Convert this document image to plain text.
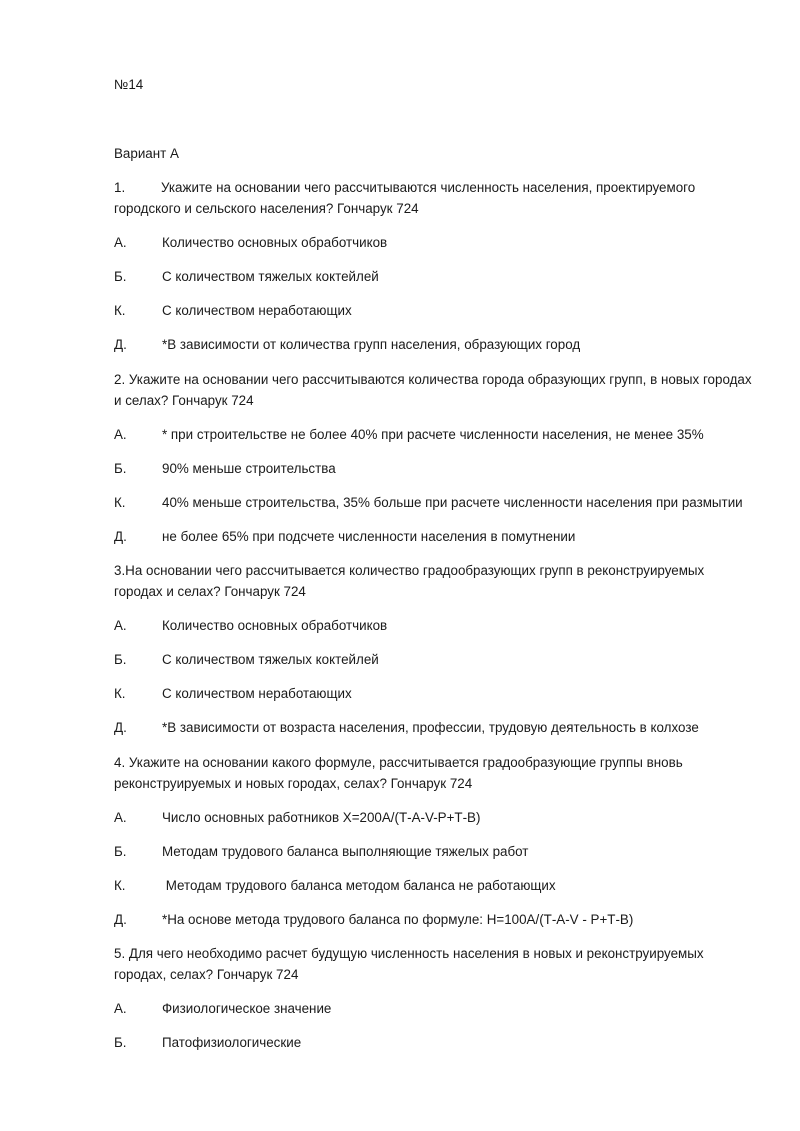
№14
Вариант А

1.	Укажите на основании чего рассчитываются численность населения, проектируемого городского и сельского населения? Гончарук 724

А.	Количество основных обработчиков

Б.	С количеством тяжелых коктейлей

К.	С количеством неработающих

Д.	*В зависимости от количества групп населения, образующих город

2. Укажите на основании чего рассчитываются количества города образующих групп, в новых городах и селах? Гончарук 724

А.	* при строительстве не более 40% при расчете численности населения, не менее 35%

Б.	90% меньше строительства

К.	40% меньше строительства, 35% больше при расчете численности населения при размытии

Д.	не более 65% при подсчете численности населения в помутнении

3.На основании чего рассчитывается количество градообразующих групп в реконструируемых городах и селах? Гончарук 724

А.	Количество основных обработчиков

Б.	С количеством тяжелых коктейлей

К.	С количеством неработающих

Д.	*В зависимости от возраста населения, профессии, трудовую деятельность в колхозе

4. Укажите на основании какого формуле, рассчитывается градообразующие группы вновь реконструируемых и новых городах, селах? Гончарук 724

А.	Число основных работников Х=200А/(Т-А-V-Р+Т-В)

Б.	Методам трудового баланса выполняющие тяжелых работ

К.	Методам трудового баланса методом баланса не работающих

Д.	*На основе метода трудового баланса по формуле: Н=100А/(Т-А-V - Р+Т-В)

5. Для чего необходимо расчет будущую численность населения в новых и реконструируемых городах, селах? Гончарук 724

А.	Физиологическое значение

Б.	Патофизиологические
